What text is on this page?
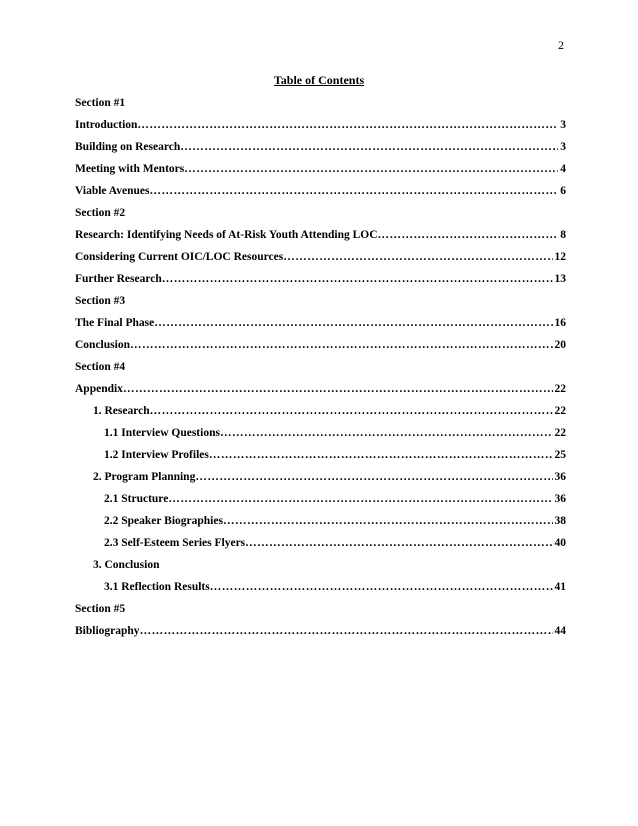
2
Table of Contents
Section #1
Introduction …………………………………………………………………………………………………………………………………………………………………	3
Building on Research …………………………………………………………………………………………………………………………………………………………………	3
Meeting with Mentors …………………………………………………………………………………………………………………………………………………………………	4
Viable Avenues …………………………………………………………………………………………………………………………………………………………………	6
Section #2
Research: Identifying Needs of At-Risk Youth Attending LOC …………………………………………………………………………………………………………………………………………………………………	8
Considering Current OIC/LOC Resources …………………………………………………………………………………………………………………………………………………………………	12
Further Research …………………………………………………………………………………………………………………………………………………………………	13
Section #3
The Final Phase …………………………………………………………………………………………………………………………………………………………………	16
Conclusion …………………………………………………………………………………………………………………………………………………………………	20
Section #4
Appendix …………………………………………………………………………………………………………………………………………………………………	22
1. Research …………………………………………………………………………………………………………………………………………………………………	22
1.1 Interview Questions …………………………………………………………………………………………………………………………………………………………………	22
1.2 Interview Profiles …………………………………………………………………………………………………………………………………………………………………	25
2. Program Planning …………………………………………………………………………………………………………………………………………………………………	36
2.1 Structure …………………………………………………………………………………………………………………………………………………………………	36
2.2 Speaker Biographies …………………………………………………………………………………………………………………………………………………………………	38
2.3 Self-Esteem Series Flyers …………………………………………………………………………………………………………………………………………………………………	40
3. Conclusion
3.1 Reflection Results …………………………………………………………………………………………………………………………………………………………………	41
Section #5
Bibliography …………………………………………………………………………………………………………………………………………………………………	44
